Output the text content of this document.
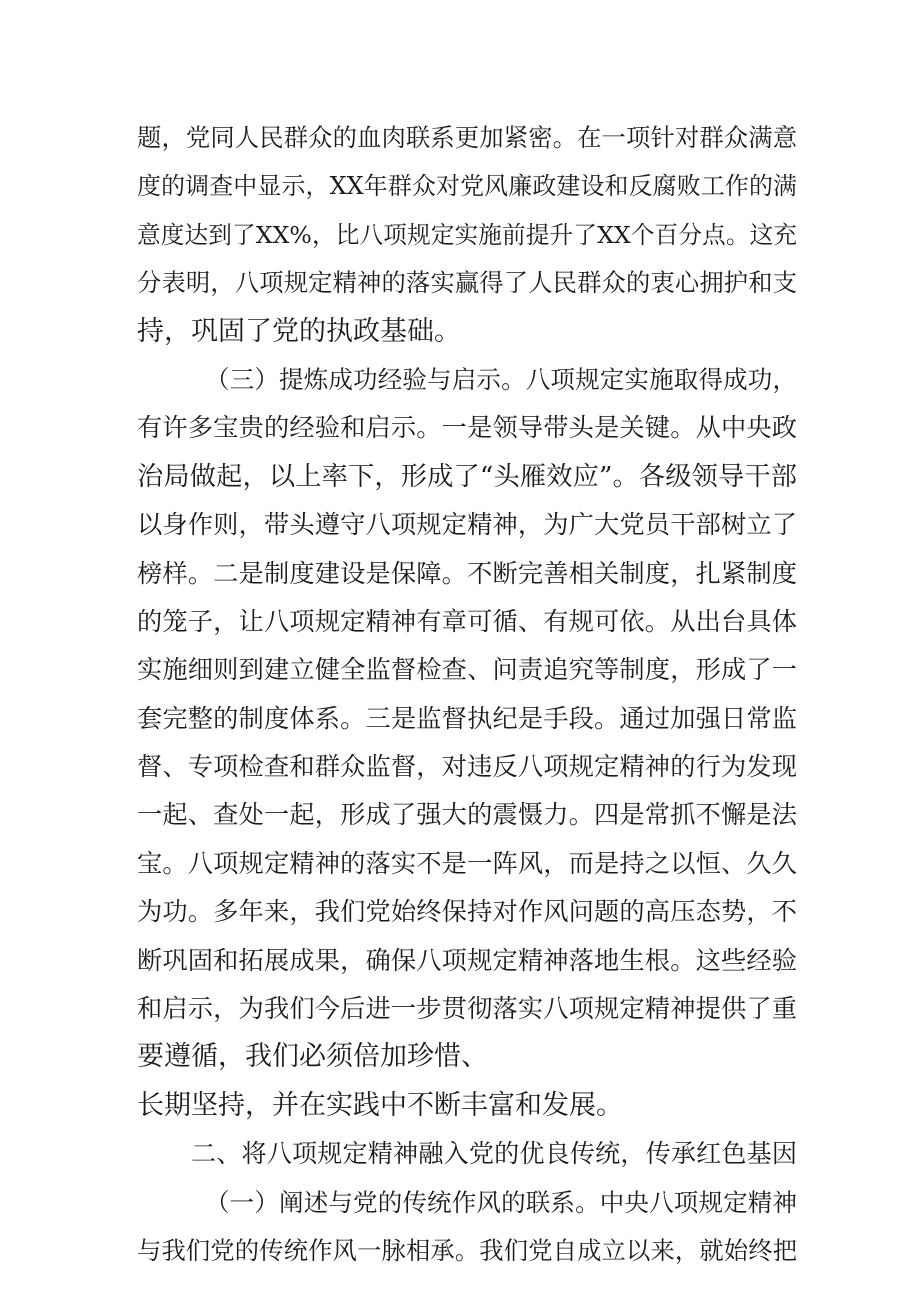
题，党同人民群众的血肉联系更加紧密。在一项针对群众满意
度的调查中显示，XX年群众对党风廉政建设和反腐败工作的满
意度达到了XX%，比八项规定实施前提升了XX个百分点。这充
分表明，八项规定精神的落实赢得了人民群众的衷心拥护和支
持，巩固了党的执政基础。
（三）提炼成功经验与启示。八项规定实施取得成功，
有许多宝贵的经验和启示。一是领导带头是关键。从中央政
治局做起，以上率下，形成了“头雁效应”。各级领导干部
以身作则，带头遵守八项规定精神，为广大党员干部树立了
榜样。二是制度建设是保障。不断完善相关制度，扎紧制度
的笼子，让八项规定精神有章可循、有规可依。从出台具体
实施细则到建立健全监督检查、问责追究等制度，形成了一
套完整的制度体系。三是监督执纪是手段。通过加强日常监
督、专项检查和群众监督，对违反八项规定精神的行为发现
一起、查处一起，形成了强大的震慑力。四是常抓不懈是法
宝。八项规定精神的落实不是一阵风，而是持之以恒、久久
为功。多年来，我们党始终保持对作风问题的高压态势，不
断巩固和拓展成果，确保八项规定精神落地生根。这些经验
和启示，为我们今后进一步贯彻落实八项规定精神提供了重
要遵循，我们必须倍加珍惜、
长期坚持，并在实践中不断丰富和发展。
二、将八项规定精神融入党的优良传统，传承红色基因
（一）阐述与党的传统作风的联系。中央八项规定精神
与我们党的传统作风一脉相承。我们党自成立以来，就始终把
